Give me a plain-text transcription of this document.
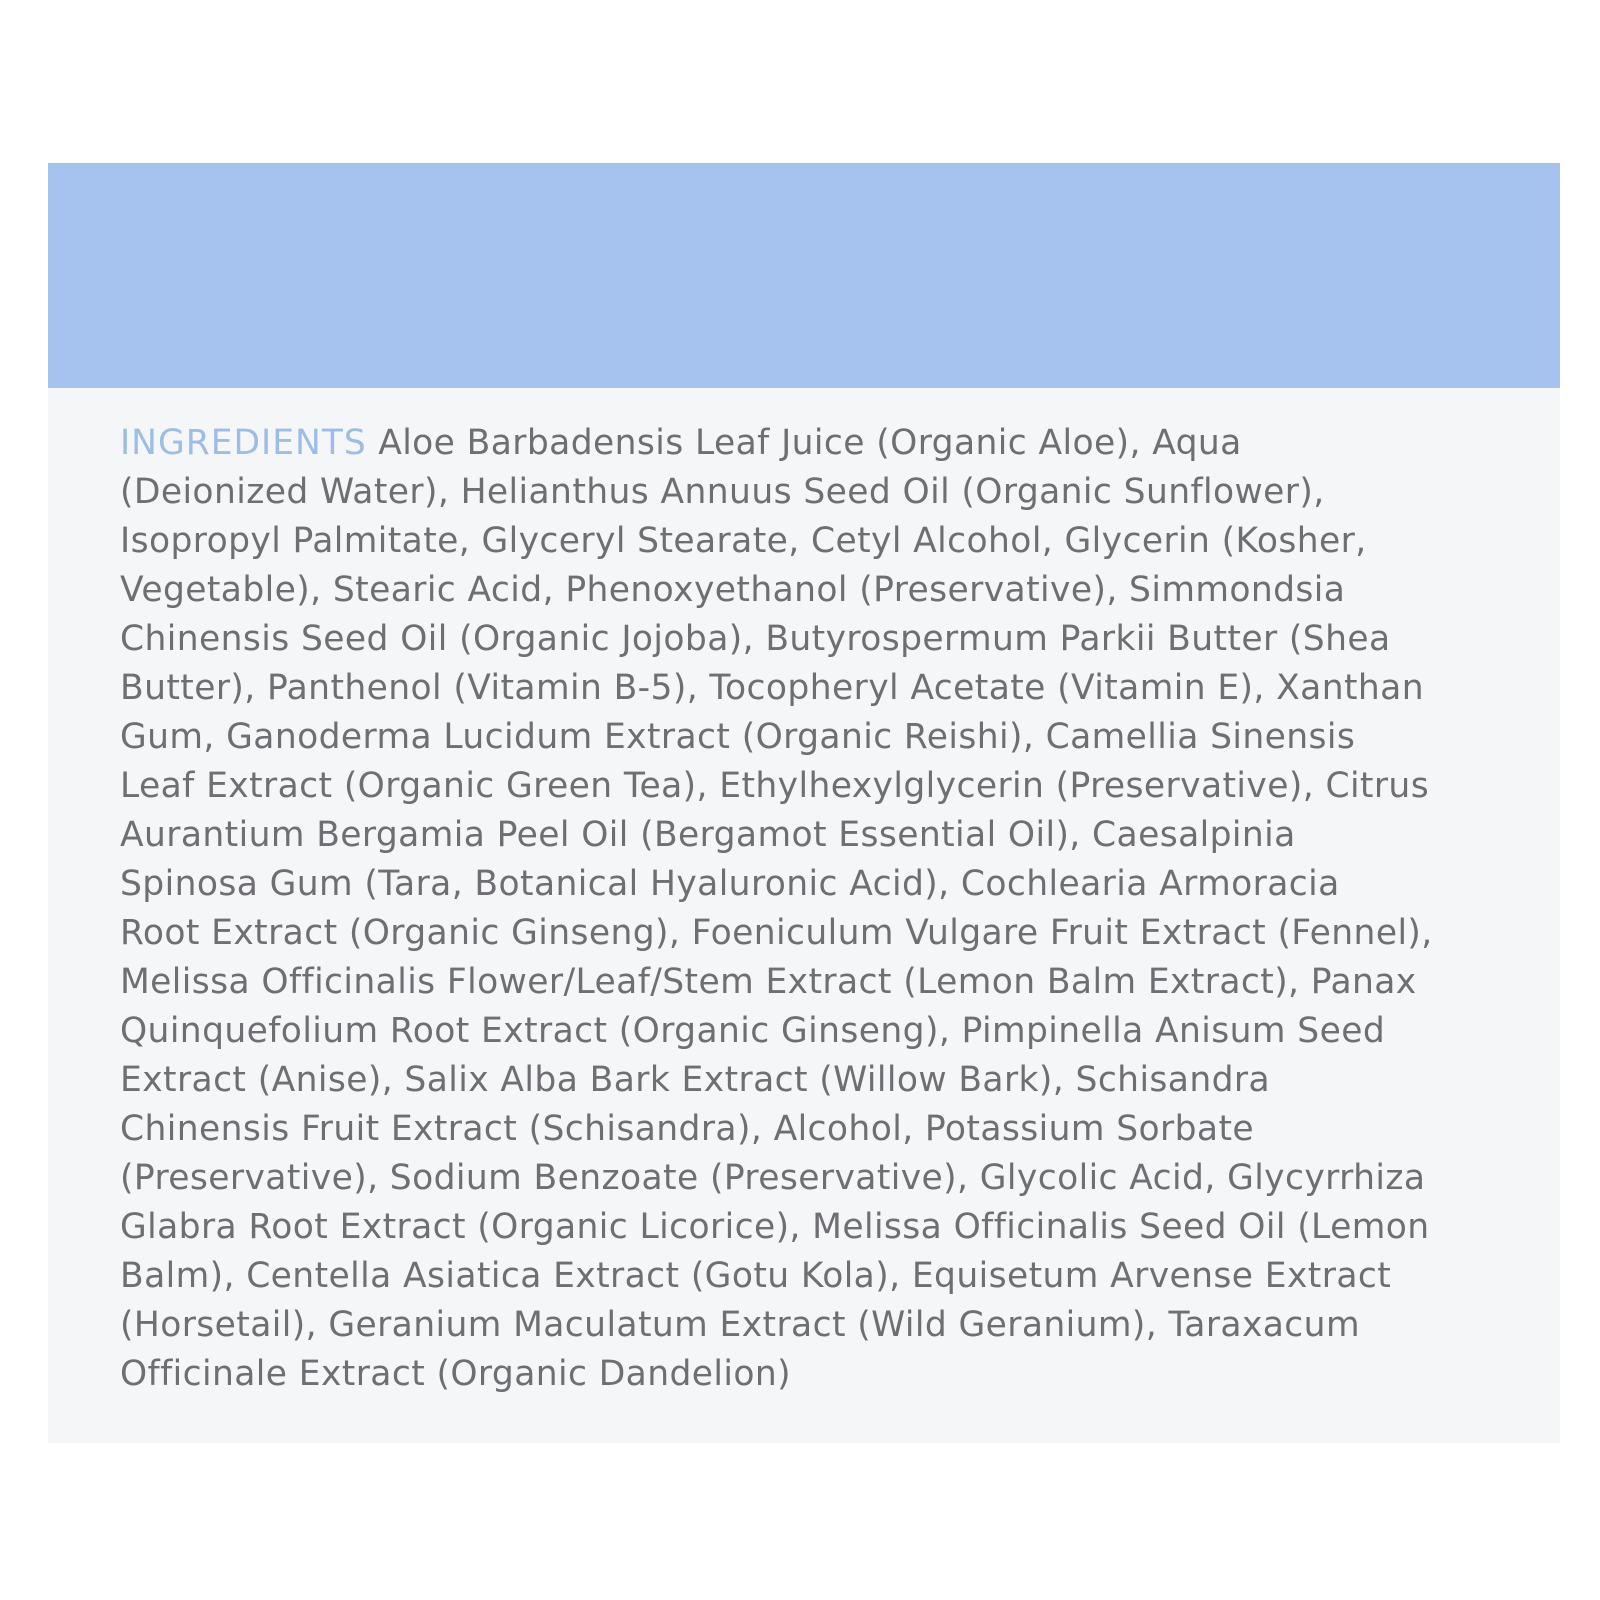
INGREDIENTS Aloe Barbadensis Leaf Juice (Organic Aloe), Aqua
(Deionized Water), Helianthus Annuus Seed Oil (Organic Sunflower),
Isopropyl Palmitate, Glyceryl Stearate, Cetyl Alcohol, Glycerin (Kosher,
Vegetable), Stearic Acid, Phenoxyethanol (Preservative), Simmondsia
Chinensis Seed Oil (Organic Jojoba), Butyrospermum Parkii Butter (Shea
Butter), Panthenol (Vitamin B-5), Tocopheryl Acetate (Vitamin E), Xanthan
Gum, Ganoderma Lucidum Extract (Organic Reishi), Camellia Sinensis
Leaf Extract (Organic Green Tea), Ethylhexylglycerin (Preservative), Citrus
Aurantium Bergamia Peel Oil (Bergamot Essential Oil), Caesalpinia
Spinosa Gum (Tara, Botanical Hyaluronic Acid), Cochlearia Armoracia
Root Extract (Organic Ginseng), Foeniculum Vulgare Fruit Extract (Fennel),
Melissa Officinalis Flower/Leaf/Stem Extract (Lemon Balm Extract), Panax
Quinquefolium Root Extract (Organic Ginseng), Pimpinella Anisum Seed
Extract (Anise), Salix Alba Bark Extract (Willow Bark), Schisandra
Chinensis Fruit Extract (Schisandra), Alcohol, Potassium Sorbate
(Preservative), Sodium Benzoate (Preservative), Glycolic Acid, Glycyrrhiza
Glabra Root Extract (Organic Licorice), Melissa Officinalis Seed Oil (Lemon
Balm), Centella Asiatica Extract (Gotu Kola), Equisetum Arvense Extract
(Horsetail), Geranium Maculatum Extract (Wild Geranium), Taraxacum
Officinale Extract (Organic Dandelion)
